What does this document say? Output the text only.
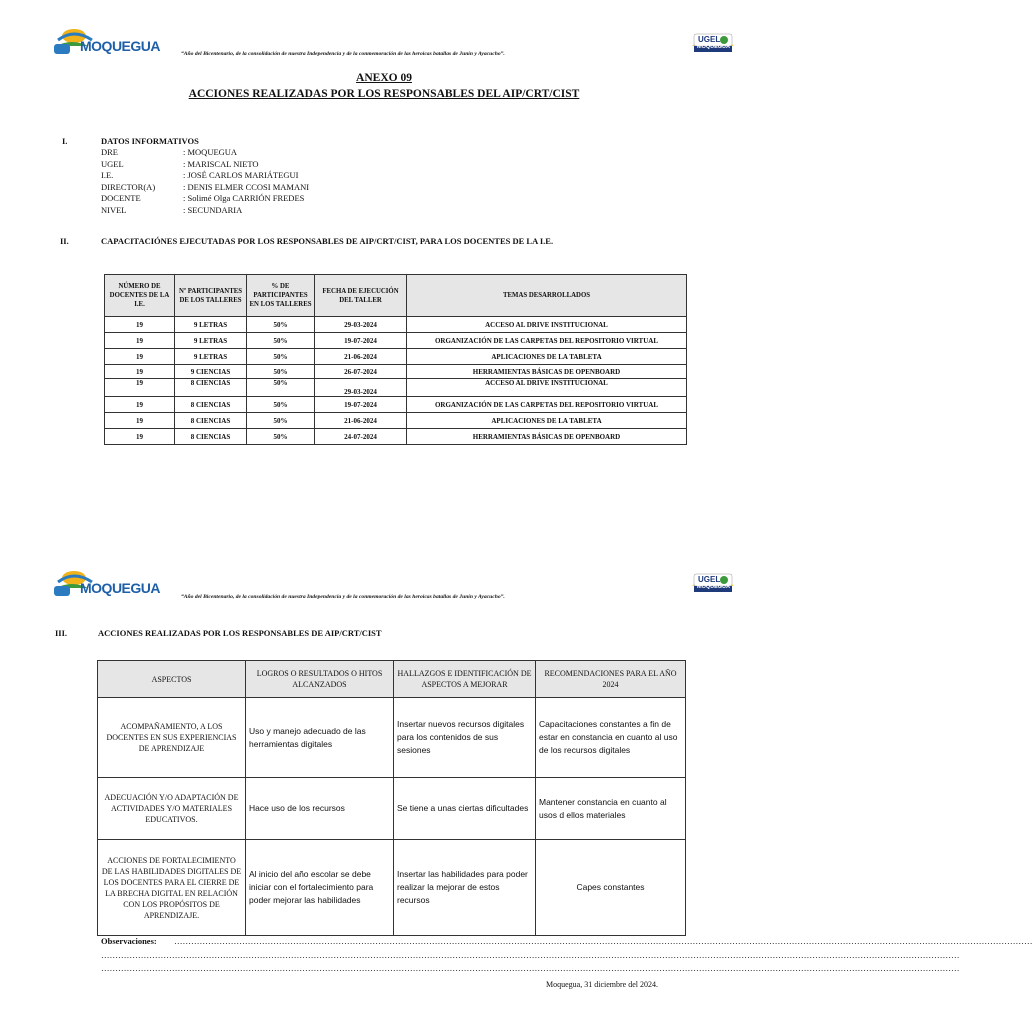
MOQUEGUA	“Año del Bicentenario, de la consolidación de nuestra Independencia y de la conmemoración de las heroicas batallas de Junín y Ayacucho”.
UGEL
MOQUEGUA
ANEXO 09
ACCIONES REALIZADAS POR LOS RESPONSABLES DEL AIP/CRT/CIST
I.	DATOS INFORMATIVOS
DRE	: MOQUEGUA
UGEL	: MARISCAL NIETO
I.E.	: JOSÉ CARLOS MARIÁTEGUI
DIRECTOR(A)	: DENIS ELMER CCOSI MAMANI
DOCENTE	: Solimé Olga CARRIÓN FREDES
NIVEL	: SECUNDARIA
II.	CAPACITACIÓNES EJECUTADAS POR LOS RESPONSABLES DE AIP/CRT/CIST, PARA LOS DOCENTES DE LA I.E.
NÚMERO DE DOCENTES DE LA I.E.	Nº PARTICIPANTES DE LOS TALLERES	% DE PARTICIPANTES EN LOS TALLERES	FECHA DE EJECUCIÓN DEL TALLER	TEMAS DESARROLLADOS
19	9 LETRAS	50%	29-03-2024	ACCESO AL DRIVE INSTITUCIONAL
19	9 LETRAS	50%	19-07-2024	ORGANIZACIÓN DE LAS CARPETAS DEL REPOSITORIO VIRTUAL
19	9 LETRAS	50%	21-06-2024	APLICACIONES DE LA TABLETA
19	9 CIENCIAS	50%	26-07-2024	HERRAMIENTAS BÁSICAS DE OPENBOARD
19	8 CIENCIAS	50%	29-03-2024	ACCESO AL DRIVE INSTITUCIONAL
19	8 CIENCIAS	50%	19-07-2024	ORGANIZACIÓN DE LAS CARPETAS DEL REPOSITORIO VIRTUAL
19	8 CIENCIAS	50%	21-06-2024	APLICACIONES DE LA TABLETA
19	8 CIENCIAS	50%	24-07-2024	HERRAMIENTAS BÁSICAS DE OPENBOARD
MOQUEGUA
“Año del Bicentenario, de la consolidación de nuestra Independencia y de la conmemoración de las heroicas batallas de Junín y Ayacucho”.
UGEL
MOQUEGUA
III.	ACCIONES REALIZADAS POR LOS RESPONSABLES DE AIP/CRT/CIST
ASPECTOS	LOGROS O RESULTADOS O HITOS ALCANZADOS	HALLAZGOS E IDENTIFICACIÓN DE ASPECTOS A MEJORAR	RECOMENDACIONES PARA EL AÑO 2024
ACOMPAÑAMIENTO, A LOS DOCENTES EN SUS EXPERIENCIAS DE APRENDIZAJE	Uso y manejo adecuado de las herramientas digitales	Insertar nuevos recursos digitales para los contenidos de sus sesiones	Capacitaciones constantes a fin de estar en constancia en cuanto al uso de los recursos digitales
ADECUACIÓN Y/O ADAPTACIÓN DE ACTIVIDADES Y/O MATERIALES EDUCATIVOS.	Hace uso de los recursos	Se tiene a unas ciertas dificultades	Mantener constancia en cuanto al usos d ellos materiales
ACCIONES DE FORTALECIMIENTO DE LAS HABILIDADES DIGITALES DE LOS DOCENTES PARA EL CIERRE DE LA BRECHA DIGITAL EN RELACIÓN CON LOS PROPÓSITOS DE APRENDIZAJE.	Al inicio del año escolar se debe iniciar con el fortalecimiento para poder mejorar las habilidades	Insertar las habilidades para poder realizar la mejorar de estos recursos	Capes constantes
Observaciones:	……………………………………………………………………………………………………………………………………………………………………………………………………………………………………………………………………………
……………………………………………………………………………………………………………………………………………………………………………………………………………………………………………………………………………
……………………………………………………………………………………………………………………………………………………………………………………………………………………………………………………………………………
Moquegua, 31 diciembre del 2024.
